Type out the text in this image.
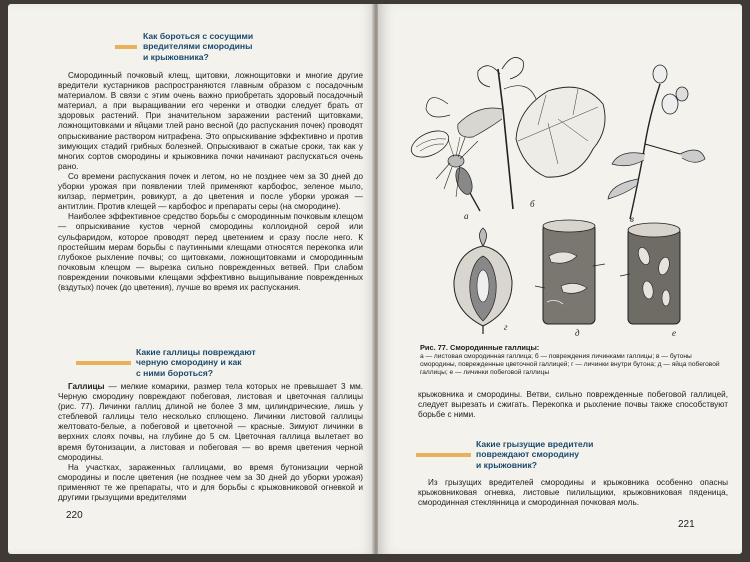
Как бороться с сосущими
вредителями смородины
и крыжовника?

Смородинный почковый клещ, щитовки, ложнощитовки и многие другие вредители кустарников распространяются главным образом с посадочным материалом. В связи с этим очень важно приобретать здоровый посадочный материал, а при выращивании его черенки и отводки следует брать от здоровых растений. При значительном заражении растений щитовками, ложнощитовками и яйцами тлей рано весной (до распускания почек) проводят опрыскивание раствором нитрафена. Это опрыскивание эффективно и против зимующих стадий грибных болезней. Опрыскивают в сжатые сроки, так как у многих сортов смородины и крыжовника почки начинают распускаться очень рано.

Со времени распускания почек и летом, но не позднее чем за 30 дней до уборки урожая при появлении тлей применяют карбофос, зеленое мыло, килзар, перметрин, ровикурт, а до цветения и после уборки урожая — антитлин. Против клещей — карбофос и препараты серы (на смородине).

Наиболее эффективное средство борьбы с смородинным почковым клещом — опрыскивание кустов черной смородины коллоидной серой или сульфаридом, которое проводят перед цветением и сразу после него. К простейшим мерам борьбы с паутинными клещами относятся перекопка или глубокое рыхление почвы; со щитовками, ложнощитовками и смородинным почковым клещом — вырезка сильно поврежденных ветвей. При слабом повреждении почковыми клещами эффективно выщипывание поврежденных (вздутых) почек (до цветения), лучше во время их распускания.

Какие галлицы повреждают
черную смородину и как
с ними бороться?

Галлицы — мелкие комарики, размер тела которых не превышает 3 мм. Черную смородину повреждают побеговая, листовая и цветочная галлицы (рис. 77). Личинки галлиц длиной не более 3 мм, цилиндрические, лишь у стеблевой галлицы тело несколько сплющено. Личинки листовой галлицы желтовато-белые, а побеговой и цветочной — красные. Зимуют личинки в верхних слоях почвы, на глубине до 5 см. Цветочная галлица вылетает во время бутонизации, а листовая и побеговая — во время цветения черной смородины.

На участках, зараженных галлицами, во время бутонизации черной смородины и после цветения (не позднее чем за 30 дней до уборки урожая) применяют те же препараты, что и для борьбы с крыжовниковой огневкой и другими грызущими вредителями

220
а
б
в
г
д	е
Рис. 77. Смородинные галлицы:
а — листовая смородинная галлица; б — повреждения личинками галлицы; в — бутоны смородины, поврежденные цветочной галлицей; г — личинки внутри бутона; д — яйца побеговой галлицы; е — личинки побеговой галлицы

крыжовника и смородины. Ветви, сильно поврежденные побеговой галлицей, следует вырезать и сжигать. Перекопка и рыхление почвы также способствуют борьбе с ними.

Какие грызущие вредители
повреждают смородину
и крыжовник?

Из грызущих вредителей смородины и крыжовника особенно опасны крыжовниковая огневка, листовые пилильщики, крыжовниковая пяденица, смородинная стеклянница и смородинная почковая моль.

221
